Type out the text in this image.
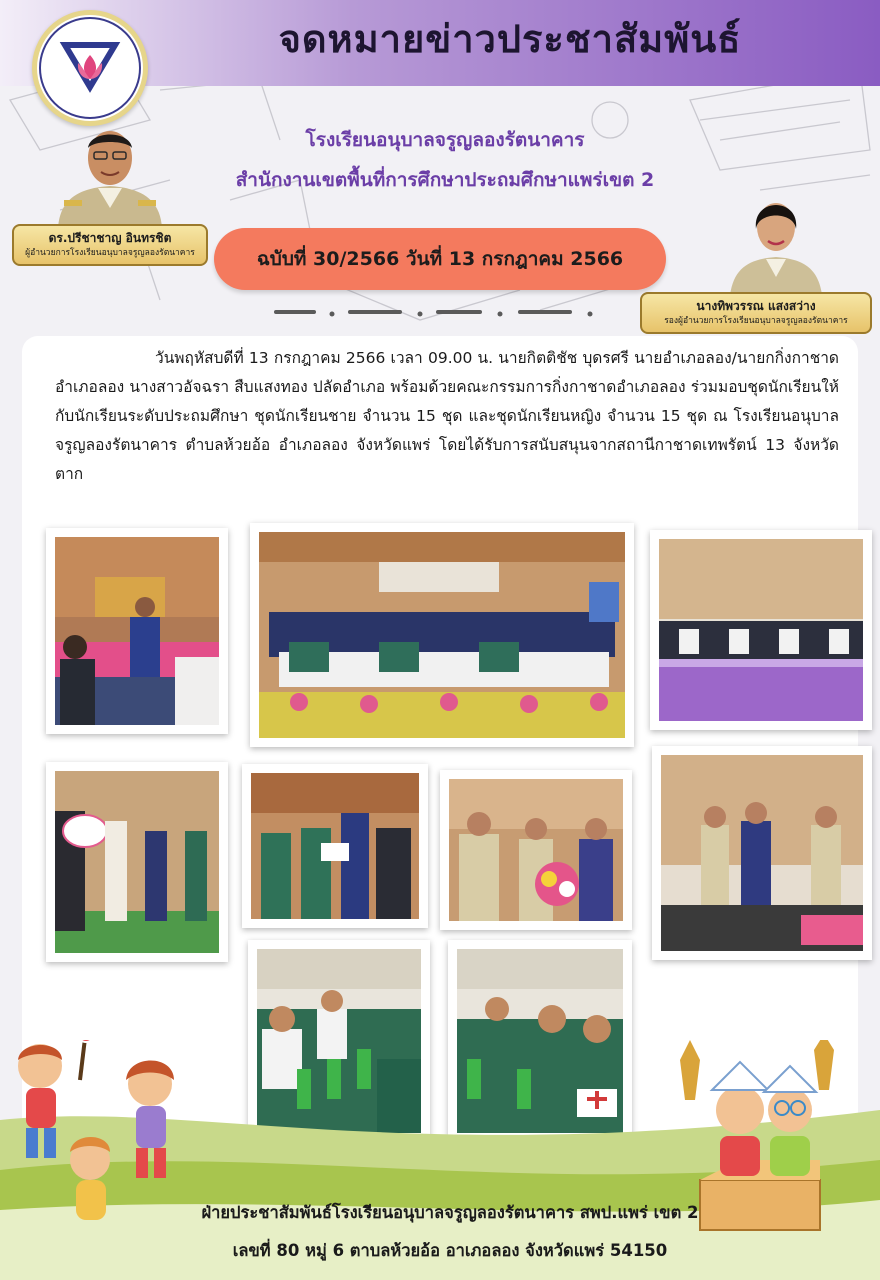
จดหมายข่าวประชาสัมพันธ์
โรงเรียนอนุบาลจรูญลองรัตนาคาร
สำนักงานเขตพื้นที่การศึกษาประถมศึกษาแพร่เขต 2
ดร.ปรีชาชาญ อินทรชิต
ผู้อำนวยการโรงเรียนอนุบาลจรูญลองรัตนาคาร
นางทิพวรรณ แสงสว่าง
รองผู้อำนวยการโรงเรียนอนุบาลจรูญลองรัตนาคาร
ฉบับที่ 30/2566 วันที่ 13 กรกฎาคม 2566

วันพฤหัสบดีที่ 13 กรกฎาคม 2566 เวลา 09.00 น. นายกิตติชัช บุดรศรี นายอำเภอลอง/นายกกิ่งกาชาดอำเภอลอง นางสาวอัจฉรา สืบแสงทอง ปลัดอำเภอ พร้อมด้วยคณะกรรมการกิ่งกาชาดอำเภอลอง ร่วมมอบชุดนักเรียนให้กับนักเรียนระดับประถมศึกษา ชุดนักเรียนชาย จำนวน 15 ชุด และชุดนักเรียนหญิง จำนวน 15 ชุด ณ โรงเรียนอนุบาลจรูญลองรัตนาคาร ตำบลห้วยอ้อ อำเภอลอง จังหวัดแพร่ โดยได้รับการสนับสนุนจากสถานีกาชาดเทพรัตน์ 13 จังหวัดตาก

ฝ่ายประชาสัมพันธ์โรงเรียนอนุบาลจรูญลองรัตนาคาร สพป.แพร่ เขต 2
เลขที่ 80 หมู่ 6 ตาบลห้วยอ้อ อาเภอลอง จังหวัดแพร่ 54150
